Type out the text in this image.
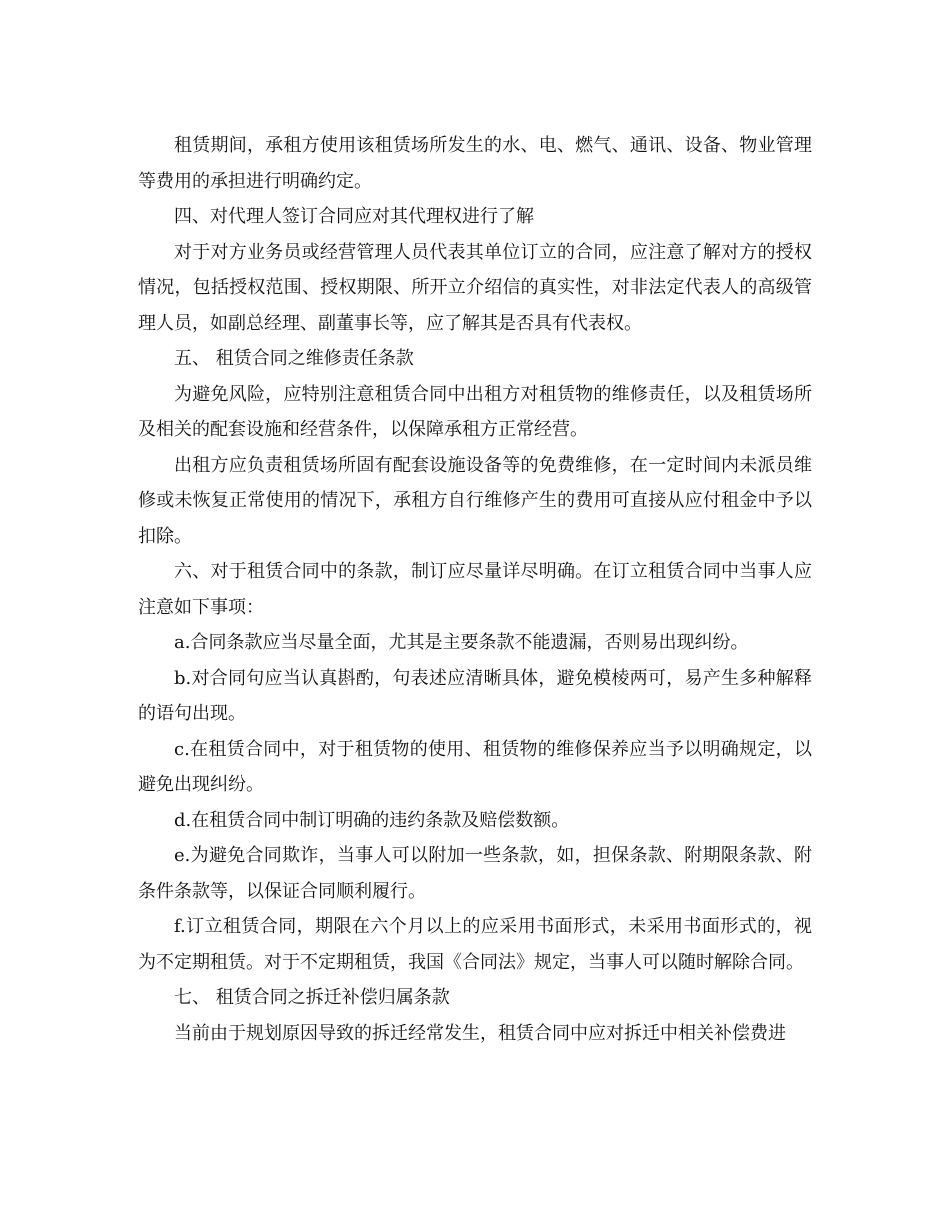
租赁期间，承租方使用该租赁场所发生的水、电、燃气、通讯、设备、物业管理等费用的承担进行明确约定。

四、对代理人签订合同应对其代理权进行了解

对于对方业务员或经营管理人员代表其单位订立的合同，应注意了解对方的授权情况，包括授权范围、授权期限、所开立介绍信的真实性，对非法定代表人的高级管理人员，如副总经理、副董事长等，应了解其是否具有代表权。

五、 租赁合同之维修责任条款

为避免风险，应特别注意租赁合同中出租方对租赁物的维修责任，以及租赁场所及相关的配套设施和经营条件，以保障承租方正常经营。

出租方应负责租赁场所固有配套设施设备等的免费维修，在一定时间内未派员维修或未恢复正常使用的情况下，承租方自行维修产生的费用可直接从应付租金中予以扣除。

六、对于租赁合同中的条款，制订应尽量详尽明确。在订立租赁合同中当事人应注意如下事项：

a.合同条款应当尽量全面，尤其是主要条款不能遗漏，否则易出现纠纷。

b.对合同句应当认真斟酌，句表述应清晰具体，避免模棱两可，易产生多种解释的语句出现。

c.在租赁合同中，对于租赁物的使用、租赁物的维修保养应当予以明确规定，以避免出现纠纷。

d.在租赁合同中制订明确的违约条款及赔偿数额。

e.为避免合同欺诈，当事人可以附加一些条款，如，担保条款、附期限条款、附条件条款等，以保证合同顺利履行。

f.订立租赁合同，期限在六个月以上的应采用书面形式，未采用书面形式的，视为不定期租赁。对于不定期租赁，我国《合同法》规定，当事人可以随时解除合同。

七、 租赁合同之拆迁补偿归属条款

当前由于规划原因导致的拆迁经常发生，租赁合同中应对拆迁中相关补偿费进
